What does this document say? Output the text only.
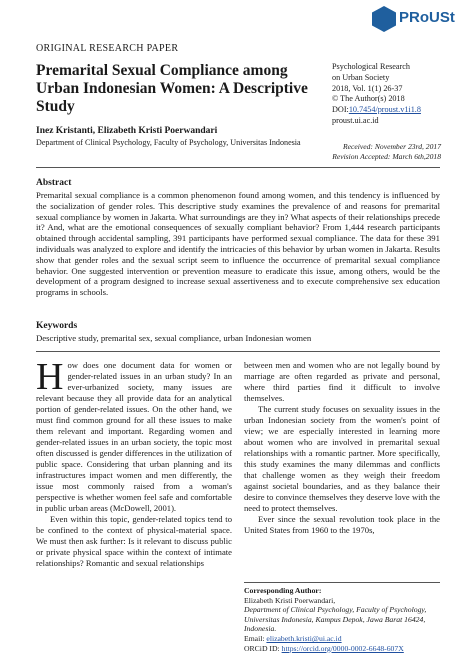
PRoUSt
ORIGINAL RESEARCH PAPER
Premarital Sexual Compliance among Urban Indonesian Women: A Descriptive Study
Psychological Research
on Urban Society
2018, Vol. 1(1) 26-37
© The Author(s) 2018
DOI:10.7454/proust.v1i1.8
proust.ui.ac.id
Inez Kristanti, Elizabeth Kristi Poerwandari
Department of Clinical Psychology, Faculty of Psychology, Universitas Indonesia	Received: November 23rd, 2017
Revision Accepted: March 6th,2018
Abstract

Premarital sexual compliance is a common phenomenon found among women, and this tendency is influenced by the socialization of gender roles. This descriptive study examines the prevalence of and reasons for premarital sexual compliance by women in Jakarta. What surroundings are they in? What aspects of their relationships precede it? And, what are the emotional consequences of sexually compliant behavior? From 1,444 research participants obtained through accidental sampling, 391 participants have performed sexual compliance. The data for these 391 individuals was analyzed to explore and identify the intricacies of this behavior by urban women in Jakarta. Results show that gender roles and the sexual script seem to influence the occurrence of premarital sexual compliance behavior. One suggested intervention or prevention measure to eradicate this issue, among others, would be the development of a program designed to increase sexual assertiveness and to execute comprehensive sex education programs in schools.

Keywords
Descriptive study, premarital sex, sexual compliance, urban Indonesian women

How does one document data for women or gender-related issues in an urban study? In an ever-urbanized society, many issues are relevant because they all provide data for an analytical portion of gender-related issues. On the other hand, we must find common ground for all these issues to make them relevant and important. Regarding women and gender-related issues in an urban society, the topic most often discussed is gender differences in the utilization of public space. Considering that urban planning and its infrastructures impact women and men differently, the issue most commonly raised from a woman's perspective is whether women feel safe and comfortable in public urban areas (McDowell, 2001).

Even within this topic, gender-related topics tend to be confined to the context of physical-material space. We must then ask further: Is it relevant to discuss public or private physical space within the context of intimate relationships? Romantic and sexual relationships

between men and women who are not legally bound by marriage are often regarded as private and personal, where third parties find it difficult to involve themselves.

The current study focuses on sexuality issues in the urban Indonesian society from the women's point of view; we are especially interested in learning more about women who are involved in premarital sexual relationships with a romantic partner. More specifically, this study examines the many dilemmas and conflicts that challenge women as they weigh their freedom against societal boundaries, and as they balance their desire to convince themselves they deserve love with the need to protect themselves.

Ever since the sexual revolution took place in the United States from 1960 to the 1970s,

Corresponding Author:
Elizabeth Kristi Poerwandari,
Department of Clinical Psychology, Faculty of Psychology, Universitas Indonesia, Kampus Depok, Jawa Barat 16424, Indonesia.
Email: elizabeth.kristi@ui.ac.id
ORCiD ID: https://orcid.org/0000-0002-6648-607X
